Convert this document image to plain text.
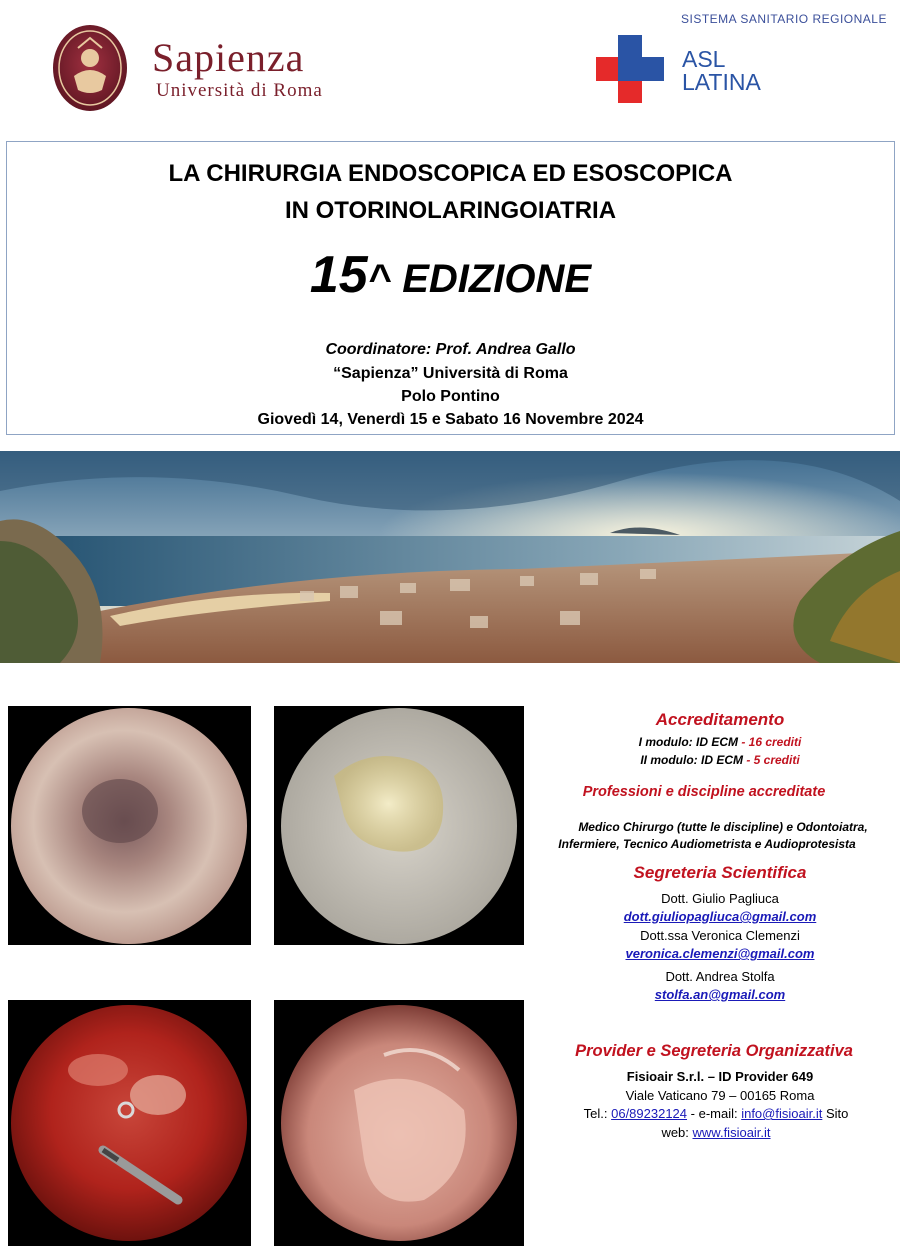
Sapienza
Università di Roma
SISTEMA SANITARIO REGIONALE
ASL
LATINA
LA CHIRURGIA ENDOSCOPICA ED ESOSCOPICA
IN OTORINOLARINGOIATRIA
15^ EDIZIONE
Coordinatore: Prof. Andrea Gallo
“Sapienza” Università di Roma
Polo Pontino
Giovedì 14, Venerdì 15 e Sabato 16 Novembre 2024
Accreditamento
I modulo: ID ECM - 16 crediti
II modulo: ID ECM - 5 crediti
Professioni e discipline accreditate
Medico Chirurgo (tutte le discipline) e Odontoiatra,
Infermiere, Tecnico Audiometrista e Audioprotesista
Segreteria Scientifica
Dott. Giulio Pagliuca
dott.giuliopagliuca@gmail.com
Dott.ssa Veronica Clemenzi
veronica.clemenzi@gmail.com
Dott. Andrea Stolfa
stolfa.an@gmail.com
Provider e Segreteria Organizzativa
Fisioair S.r.l. – ID Provider 649
Viale Vaticano 79 – 00165 Roma
Tel.: 06/89232124 - e-mail: info@fisioair.it Sito
web: www.fisioair.it
